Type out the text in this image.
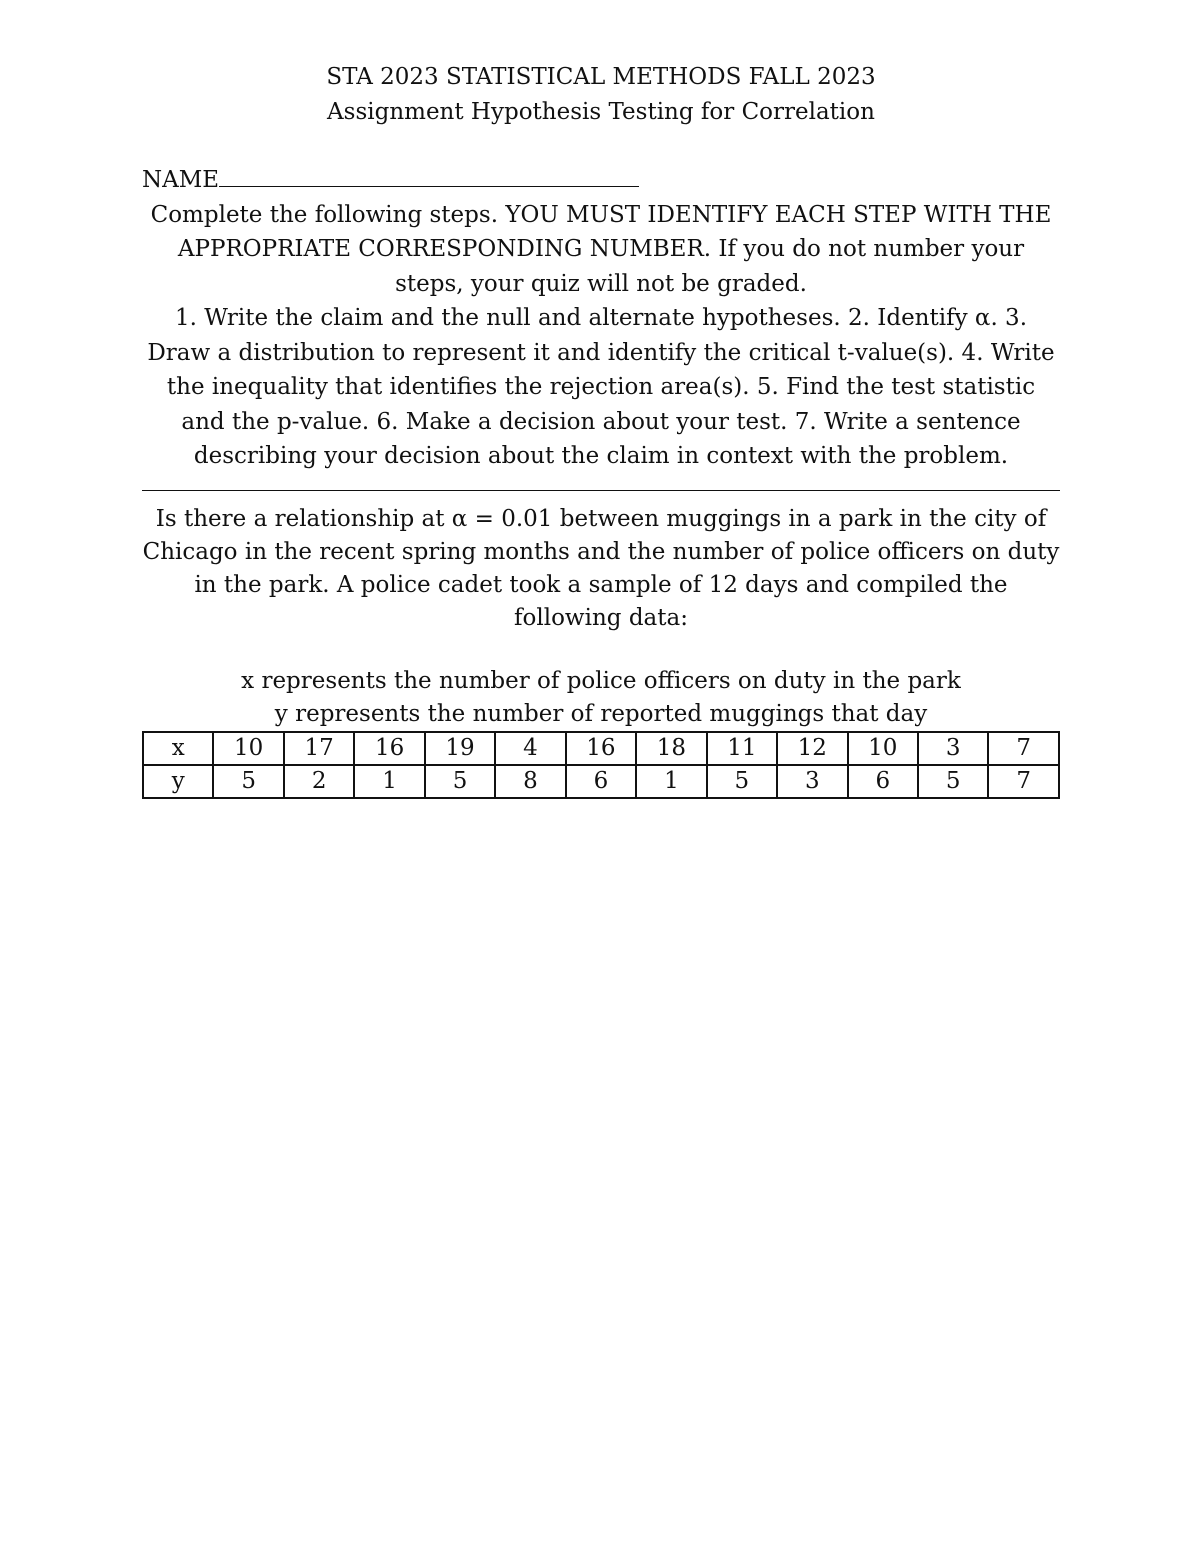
STA 2023 STATISTICAL METHODS FALL 2023
Assignment Hypothesis Testing for Correlation
NAME

Complete the following steps. YOU MUST IDENTIFY EACH STEP WITH THE APPROPRIATE CORRESPONDING NUMBER. If you do not number your steps, your quiz will not be graded.

1. Write the claim and the null and alternate hypotheses. 2. Identify α. 3. Draw a distribution to represent it and identify the critical t-value(s). 4. Write the inequality that identifies the rejection area(s). 5. Find the test statistic and the p-value. 6. Make a decision about your test. 7. Write a sentence describing your decision about the claim in context with the problem.

Is there a relationship at α = 0.01 between muggings in a park in the city of Chicago in the recent spring months and the number of police officers on duty in the park. A police cadet took a sample of 12 days and compiled the following data:

x represents the number of police officers on duty in the park
y represents the number of reported muggings that day
x	10	17	16	19	4	16	18	11	12	10	3	7
y	5	2	1	5	8	6	1	5	3	6	5	7
